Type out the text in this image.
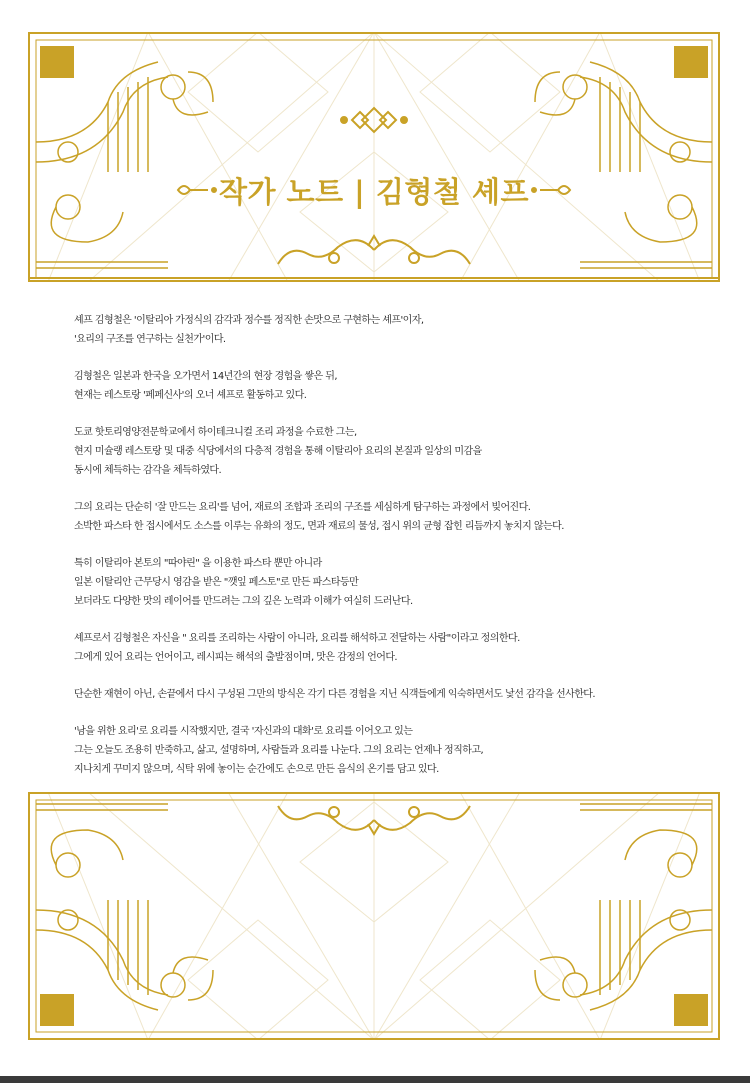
작가 노트 | 김형철 셰프
셰프 김형철은 '이탈리아 가정식의 감각과 정수를 정직한 손맛으로 구현하는 셰프'이자,
'요리의 구조를 연구하는 실천가'이다.
김형철은 일본과 한국을 오가면서 14년간의 현장 경험을 쌓은 뒤,
현재는 레스토랑 '페페신사'의 오너 셰프로 활동하고 있다.
도쿄 핫토리영양전문학교에서 하이테크니컬 조리 과정을 수료한 그는,
현지 미슐랭 레스토랑 및 대중 식당에서의 다층적 경험을 통해 이탈리아 요리의 본질과 일상의 미감을
동시에 체득하는 감각을 체득하였다.
그의 요리는 단순히 '잘 만드는 요리'를 넘어, 재료의 조합과 조리의 구조를 세심하게 탐구하는 과정에서 빚어진다.
소박한 파스타 한 접시에서도 소스를 이루는 유화의 정도, 면과 재료의 물성, 접시 위의 균형 잡힌 리듬까지 놓치지 않는다.
특히 이탈리아 본토의 "따야린" 을 이용한 파스타 뿐만 아니라
일본 이탈리안 근무당시 영감을 받은 "깻잎 페스토"로 만든 파스타등만
보더라도 다양한 맛의 레이어를 만드려는 그의 깊은 노력과 이해가 여실히 드러난다.
셰프로서 김형철은 자신을 " 요리를 조리하는 사람이 아니라, 요리를 해석하고 전달하는 사람"이라고 정의한다.
그에게 있어 요리는 언어이고, 레시피는 해석의 출발점이며, 맛은 감정의 언어다.
단순한 재현이 아닌, 손끝에서 다시 구성된 그만의 방식은 각기 다른 경험을 지닌 식객들에게 익숙하면서도 낯선 감각을 선사한다.
'남을 위한 요리'로 요리를 시작했지만, 결국 '자신과의 대화'로 요리를 이어오고 있는
그는 오늘도 조용히 반죽하고, 삶고, 설명하며, 사람들과 요리를 나눈다. 그의 요리는 언제나 정직하고,
지나치게 꾸미지 않으며, 식탁 위에 놓이는 순간에도 손으로 만든 음식의 온기를 담고 있다.
